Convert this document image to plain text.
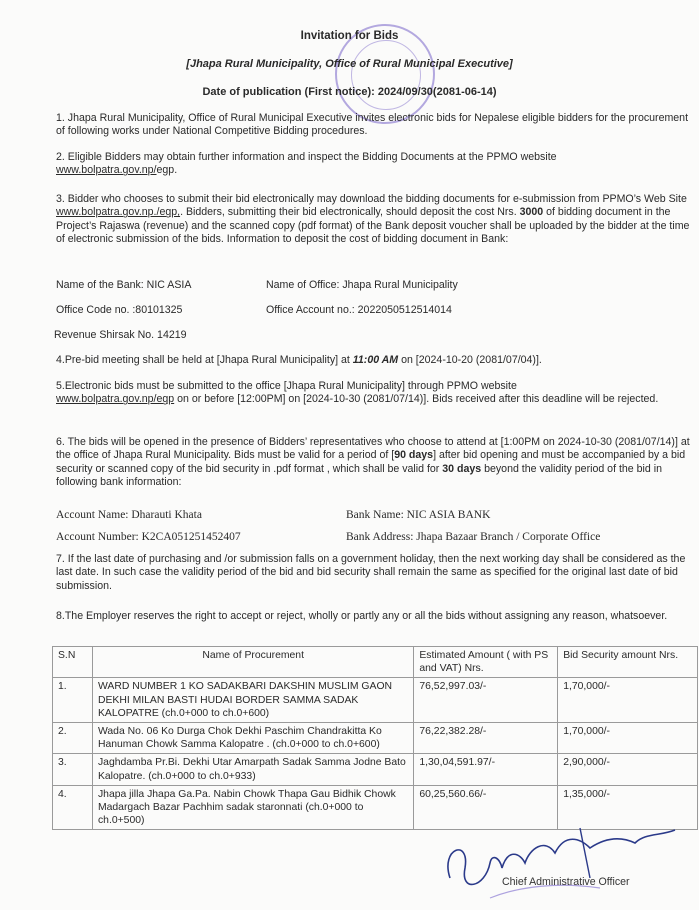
Invitation for Bids
[Jhapa Rural Municipality, Office of Rural Municipal Executive]
Date of publication (First notice): 2024/09/30(2081-06-14)
1. Jhapa Rural Municipality, Office of Rural Municipal Executive invites electronic bids for Nepalese eligible bidders for the procurement of following works under National Competitive Bidding procedures.
2. Eligible Bidders may obtain further information and inspect the Bidding Documents at the PPMO website
www.bolpatra.gov.np/egp.
3. Bidder who chooses to submit their bid electronically may download the bidding documents for e-submission from PPMO’s Web Site www.bolpatra.gov.np./egp,. Bidders, submitting their bid electronically, should deposit the cost Nrs. 3000 of bidding document in the Project’s Rajaswa (revenue) and the scanned copy (pdf format) of the Bank deposit voucher shall be uploaded by the bidder at the time of electronic submission of the bids. Information to deposit the cost of bidding document in Bank:
Name of the Bank: NIC ASIA	Name of Office: Jhapa Rural Municipality
Office Code no. :80101325	Office Account no.: 2022050512514014
Revenue Shirsak No. 14219
4.Pre-bid meeting shall be held at [Jhapa Rural Municipality] at 11:00 AM on [2024-10-20 (2081/07/04)].
5.Electronic bids must be submitted to the office [Jhapa Rural Municipality] through PPMO website
www.bolpatra.gov.np/egp on or before [12:00PM] on [2024-10-30 (2081/07/14)]. Bids received after this deadline will be rejected.
6. The bids will be opened in the presence of Bidders’ representatives who choose to attend at [1:00PM on 2024-10-30 (2081/07/14)] at the office of Jhapa Rural Municipality. Bids must be valid for a period of [90 days] after bid opening and must be accompanied by a bid security or scanned copy of the bid security in .pdf format , which shall be valid for 30 days beyond the validity period of the bid in following bank information:
Account Name: Dharauti Khata	Bank Name: NIC ASIA BANK
Account Number: K2CA051251452407	Bank Address: Jhapa Bazaar Branch / Corporate Office
7. If the last date of purchasing and /or submission falls on a government holiday, then the next working day shall be considered as the last date. In such case the validity period of the bid and bid security shall remain the same as specified for the original last date of bid submission.
8.The Employer reserves the right to accept or reject, wholly or partly any or all the bids without assigning any reason, whatsoever.
S.N	Name of Procurement	Estimated Amount ( with PS and VAT) Nrs.	Bid Security amount Nrs.
1.	WARD NUMBER 1 KO SADAKBARI DAKSHIN MUSLIM GAON DEKHI MILAN BASTI HUDAI BORDER SAMMA SADAK KALOPATRE (ch.0+000 to ch.0+600)	76,52,997.03/-	1,70,000/-
2.	Wada No. 06 Ko Durga Chok Dekhi Paschim Chandrakitta Ko Hanuman Chowk Samma Kalopatre . (ch.0+000 to ch.0+600)	76,22,382.28/-	1,70,000/-
3.	Jaghdamba Pr.Bi. Dekhi Utar Amarpath Sadak Samma Jodne Bato Kalopatre. (ch.0+000 to ch.0+933)	1,30,04,591.97/-	2,90,000/-
4.	Jhapa jilla Jhapa Ga.Pa. Nabin Chowk Thapa Gau Bidhik Chowk Madargach Bazar Pachhim sadak staronnati (ch.0+000 to ch.0+500)	60,25,560.66/-	1,35,000/-
Chief Administrative Officer
